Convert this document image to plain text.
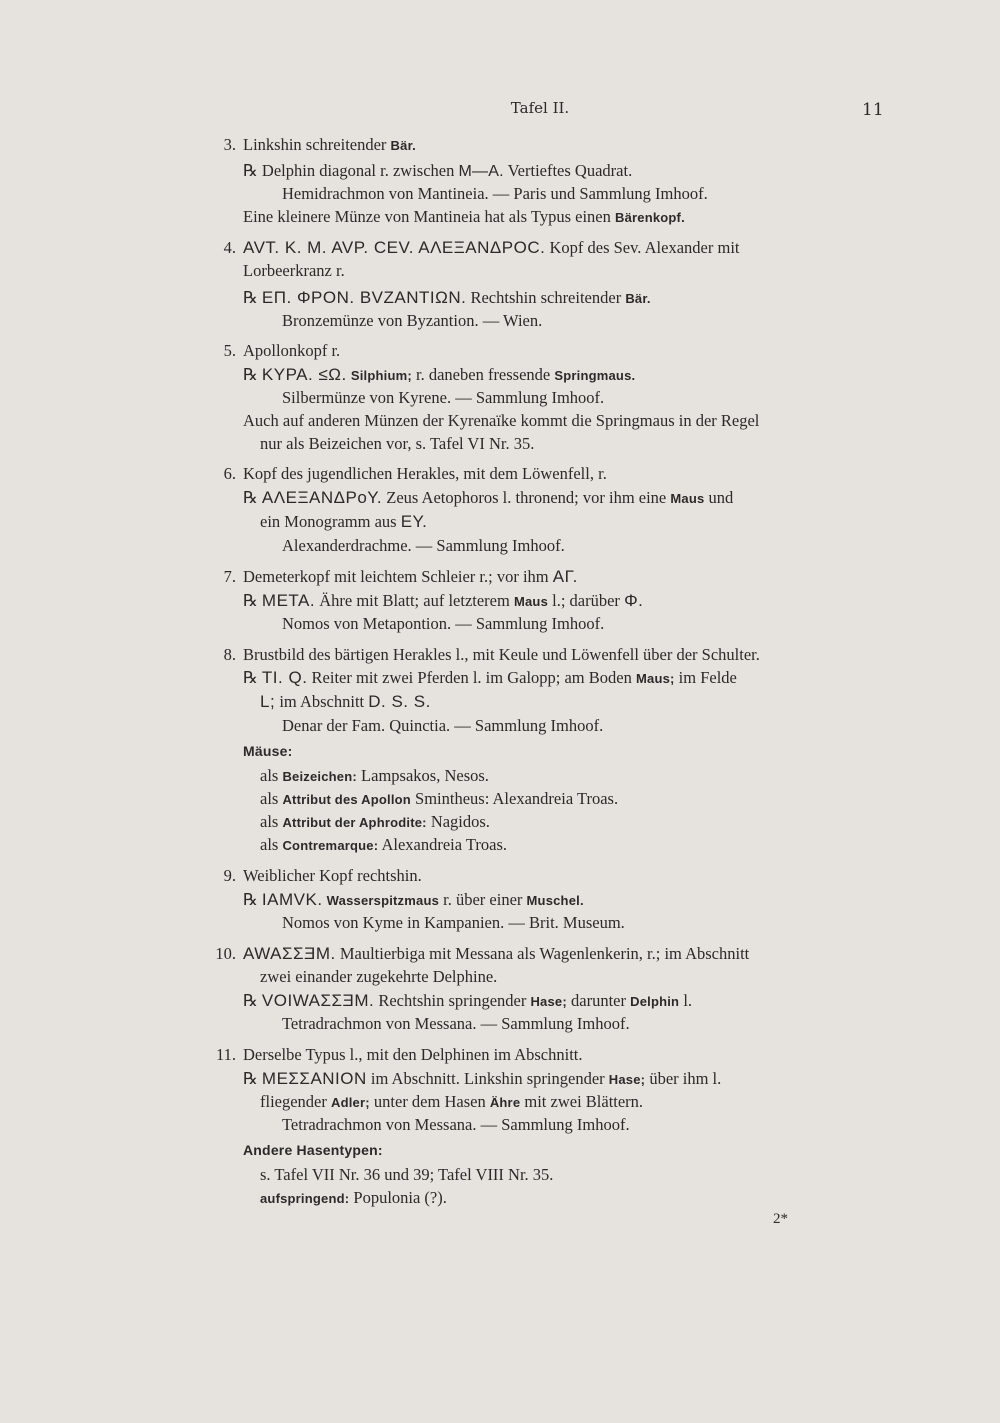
Tafel II.	11
3. Linkshin schreitender Bär.
℞ Delphin diagonal r. zwischen M—A. Vertieftes Quadrat.
Hemidrachmon von Mantineia. — Paris und Sammlung Imhoof.
Eine kleinere Münze von Mantineia hat als Typus einen Bärenkopf.
4. AVT. K. M. AVP. CEV. AΛEΞANΔPOC. Kopf des Sev. Alexander mit
Lorbeerkranz r.
℞ EΠ. ΦPON. BVZANTIΩN. Rechtshin schreitender Bär.
Bronzemünze von Byzantion. — Wien.
5. Apollonkopf r.
℞ KYPA. ≤Ω. Silphium; r. daneben fressende Springmaus.
Silbermünze von Kyrene. — Sammlung Imhoof.
Auch auf anderen Münzen der Kyrenaïke kommt die Springmaus in der Regel
nur als Beizeichen vor, s. Tafel VI Nr. 35.
6. Kopf des jugendlichen Herakles, mit dem Löwenfell, r.
℞ AΛEΞANΔPoY. Zeus Aetophoros l. thronend; vor ihm eine Maus und
ein Monogramm aus EY.
Alexanderdrachme. — Sammlung Imhoof.
7. Demeterkopf mit leichtem Schleier r.; vor ihm AΓ.
℞ META. Ähre mit Blatt; auf letzterem Maus l.; darüber Φ.
Nomos von Metapontion. — Sammlung Imhoof.
8. Brustbild des bärtigen Herakles l., mit Keule und Löwenfell über der Schulter.
℞ TI. Q. Reiter mit zwei Pferden l. im Galopp; am Boden Maus; im Felde
L; im Abschnitt D. S. S.
Denar der Fam. Quinctia. — Sammlung Imhoof.
Mäuse:
als Beizeichen: Lampsakos, Nesos.
als Attribut des Apollon Smintheus: Alexandreia Troas.
als Attribut der Aphrodite: Nagidos.
als Contremarque: Alexandreia Troas.
9. Weiblicher Kopf rechtshin.
℞ IAMVK. Wasserspitzmaus r. über einer Muschel.
Nomos von Kyme in Kampanien. — Brit. Museum.
10. AWAΣΣƎM. Maultierbiga mit Messana als Wagenlenkerin, r.; im Abschnitt
zwei einander zugekehrte Delphine.
℞ VOIWAΣΣƎM. Rechtshin springender Hase; darunter Delphin l.
Tetradrachmon von Messana. — Sammlung Imhoof.
11. Derselbe Typus l., mit den Delphinen im Abschnitt.
℞ MEΣΣANION im Abschnitt. Linkshin springender Hase; über ihm l.
fliegender Adler; unter dem Hasen Ähre mit zwei Blättern.
Tetradrachmon von Messana. — Sammlung Imhoof.
Andere Hasentypen:
s. Tafel VII Nr. 36 und 39; Tafel VIII Nr. 35.
aufspringend: Populonia (?).
2*
